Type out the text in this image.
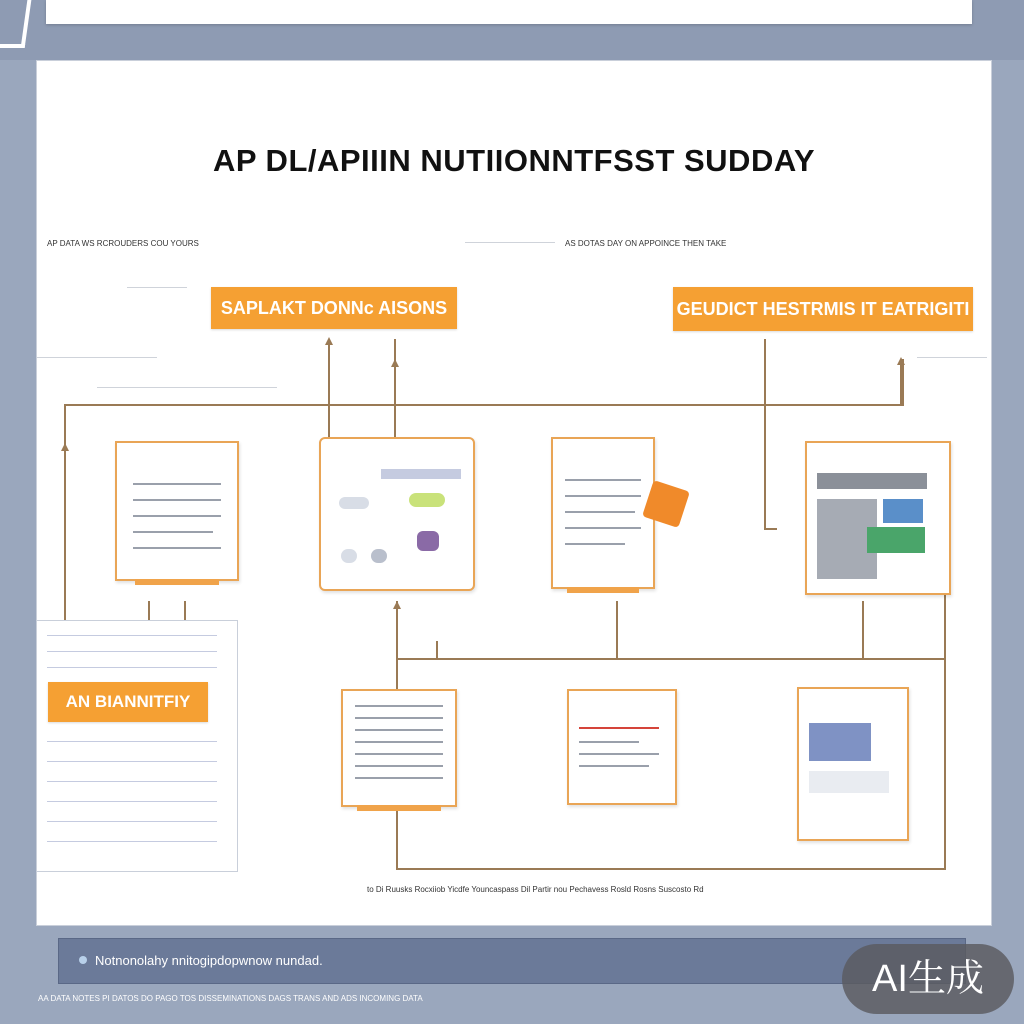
AP DL/APIIIN NUTIIONNTFSST SUDDAY
AP DATA WS RCROUDERS COU YOURS	AS DOTAS DAY ON APPOINCE THEN TAKE
SAPLAKT DONNc AISONS	GEUDICT HESTRMIS IT EATRIGITI
to Di Ruusks Rocxiiob Yicdfe Youncaspass Dil Partir nou Pechavess Rosld Rosns Suscosto Rd
AN BIANNITFIY
Notnonolahy nnitogipdopwnow nundad.
AA DATA NOTES PI DATOS DO PAGO TOS DISSEMINATIONS DAGS TRANS AND ADS INCOMING DATA	AI生成
